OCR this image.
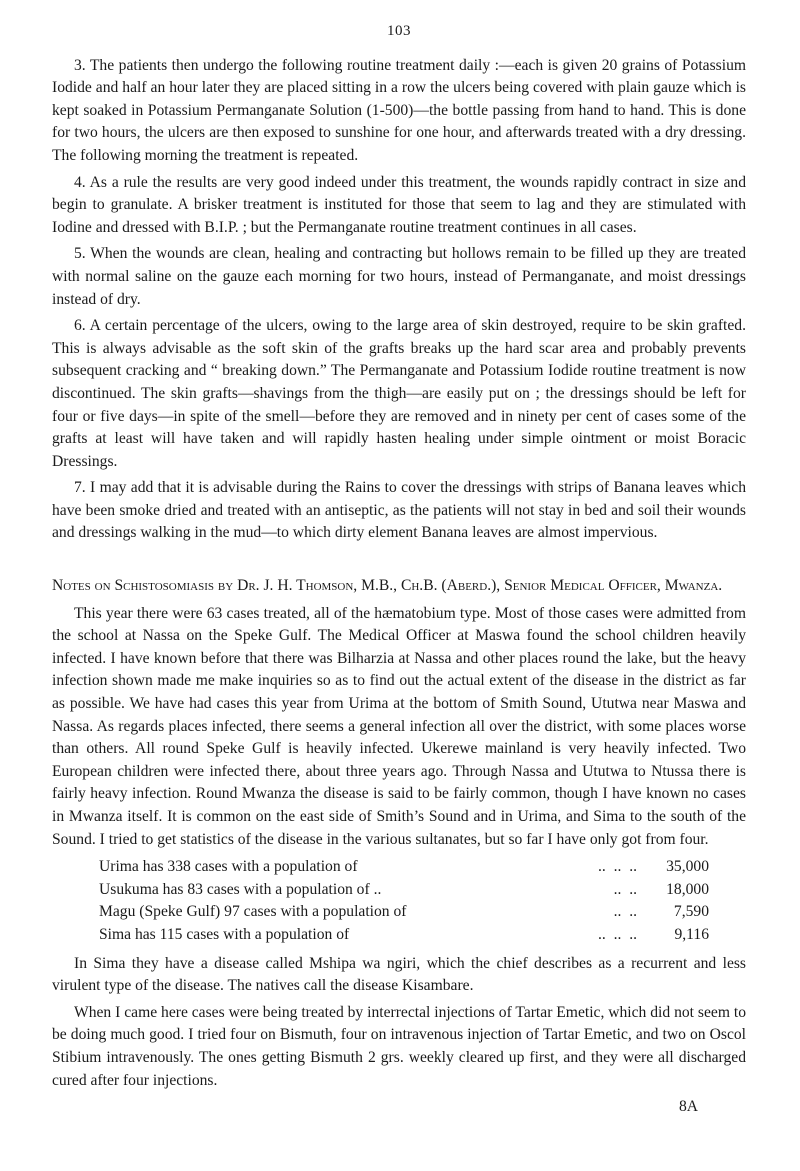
103

3. The patients then undergo the following routine treatment daily :—each is given 20 grains of Potassium Iodide and half an hour later they are placed sitting in a row the ulcers being covered with plain gauze which is kept soaked in Potassium Permanganate Solution (1-500)—the bottle passing from hand to hand. This is done for two hours, the ulcers are then exposed to sunshine for one hour, and afterwards treated with a dry dressing. The following morning the treatment is repeated.

4. As a rule the results are very good indeed under this treatment, the wounds rapidly contract in size and begin to granulate. A brisker treatment is instituted for those that seem to lag and they are stimulated with Iodine and dressed with B.I.P. ; but the Permanganate routine treatment continues in all cases.

5. When the wounds are clean, healing and contracting but hollows remain to be filled up they are treated with normal saline on the gauze each morning for two hours, instead of Permanganate, and moist dressings instead of dry.

6. A certain percentage of the ulcers, owing to the large area of skin destroyed, require to be skin grafted. This is always advisable as the soft skin of the grafts breaks up the hard scar area and probably prevents subsequent cracking and “ breaking down.” The Permanganate and Potassium Iodide routine treatment is now discontinued. The skin grafts—shavings from the thigh—are easily put on ; the dressings should be left for four or five days—in spite of the smell—before they are removed and in ninety per cent of cases some of the grafts at least will have taken and will rapidly hasten healing under simple ointment or moist Boracic Dressings.

7. I may add that it is advisable during the Rains to cover the dressings with strips of Banana leaves which have been smoke dried and treated with an antiseptic, as the patients will not stay in bed and soil their wounds and dressings walking in the mud—to which dirty element Banana leaves are almost impervious.

Notes on Schistosomiasis by Dr. J. H. Thomson, M.B., Ch.B. (Aberd.), Senior Medical Officer, Mwanza.

This year there were 63 cases treated, all of the hæmatobium type. Most of those cases were admitted from the school at Nassa on the Speke Gulf. The Medical Officer at Maswa found the school children heavily infected. I have known before that there was Bilharzia at Nassa and other places round the lake, but the heavy infection shown made me make inquiries so as to find out the actual extent of the disease in the district as far as possible. We have had cases this year from Urima at the bottom of Smith Sound, Ututwa near Maswa and Nassa. As regards places infected, there seems a general infection all over the district, with some places worse than others. All round Speke Gulf is heavily infected. Ukerewe mainland is very heavily infected. Two European children were infected there, about three years ago. Through Nassa and Ututwa to Ntussa there is fairly heavy infection. Round Mwanza the disease is said to be fairly common, though I have known no cases in Mwanza itself. It is common on the east side of Smith’s Sound and in Urima, and Sima to the south of the Sound. I tried to get statistics of the disease in the various sultanates, but so far I have only got from four.

Urima has 338 cases with a population of	..  ..  ..	35,000
Usukuma has 83 cases with a population of ..	..  ..	18,000
Magu (Speke Gulf) 97 cases with a population of	..  ..	7,590
Sima has 115 cases with a population of	..  ..  ..	9,116

In Sima they have a disease called Mshipa wa ngiri, which the chief describes as a recurrent and less virulent type of the disease. The natives call the disease Kisambare.

When I came here cases were being treated by interrectal injections of Tartar Emetic, which did not seem to be doing much good. I tried four on Bismuth, four on intravenous injection of Tartar Emetic, and two on Oscol Stibium intravenously. The ones getting Bismuth 2 grs. weekly cleared up first, and they were all discharged cured after four injections.

8A
